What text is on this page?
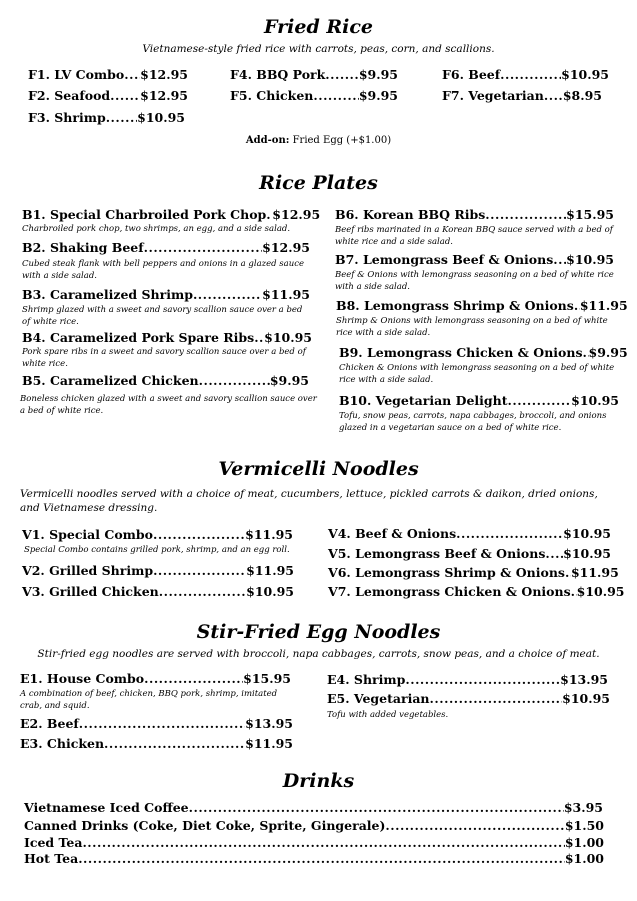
Fried Rice

Vietnamese-style fried rice with carrots, peas, corn, and scallions.

F1. LV Combo ..... $12.95
F2. Seafood ..... $12.95
F3. Shrimp .....	$10.95
F4. BBQ Pork .....	$9.95
F5. Chicken .....	$9.95
F6. Beef .....	$10.95
F7. Vegetarian ..... $8.95
Add-on: Fried Egg (+$1.00)
Rice Plates
B1. Special Charbroiled Pork Chop ..... $12.95
Charbroiled pork chop, two shrimps, an egg, and a side salad.
B2. Shaking Beef .....	$12.95
Cubed steak flank with bell peppers and onions in a glazed sauce with a side salad.
B3. Caramelized Shrimp .....	$11.95
Shrimp glazed with a sweet and savory scallion sauce over a bed of white rice.
B4. Caramelized Pork Spare Ribs ..... $10.95
Pork spare ribs in a sweet and savory scallion sauce over a bed of white rice.
B5. Caramelized Chicken .....	$9.95
Boneless chicken glazed with a sweet and savory scallion sauce over a bed of white rice.
B6. Korean BBQ Ribs .....	$15.95
Beef ribs marinated in a Korean BBQ sauce served with a bed of white rice and a side salad.
B7. Lemongrass Beef & Onions ..... $10.95
Beef & Onions with lemongrass seasoning on a bed of white rice with a side salad.
B8. Lemongrass Shrimp & Onions ..... $11.95
Shrimp & Onions with lemongrass seasoning on a bed of white rice with a side salad.
B9. Lemongrass Chicken & Onions ..... $9.95
Chicken & Onions with lemongrass seasoning on a bed of white rice with a side salad.
B10. Vegetarian Delight .....	$10.95
Tofu, snow peas, carrots, napa cabbages, broccoli, and onions glazed in a vegetarian sauce on a bed of white rice.
Vermicelli Noodles

Vermicelli noodles served with a choice of meat, cucumbers, lettuce, pickled carrots & daikon, dried onions, and Vietnamese dressing.

V1. Special Combo .....	$11.95
Special Combo contains grilled pork, shrimp, and an egg roll.
V2. Grilled Shrimp .....	$11.95
V3. Grilled Chicken .....	$10.95
V4. Beef & Onions .....	$10.95
V5. Lemongrass Beef & Onions ..... $10.95
V6. Lemongrass Shrimp & Onions ..... $11.95
V7. Lemongrass Chicken & Onions ..... $10.95
Stir-Fried Egg Noodles

Stir-fried egg noodles are served with broccoli, napa cabbages, carrots, snow peas, and a choice of meat.

E1. House Combo .....	$15.95
A combination of beef, chicken, BBQ pork, shrimp, imitated crab, and squid.
E2. Beef .....	$13.95
E3. Chicken .....	$11.95
E4. Shrimp .....	$13.95
E5. Vegetarian .....	$10.95
Tofu with added vegetables.
Drinks
Vietnamese Iced Coffee .....	$3.95
Canned Drinks (Coke, Diet Coke, Sprite, Gingerale) .....	$1.50
Iced Tea .....	$1.00
Hot Tea .....	$1.00
